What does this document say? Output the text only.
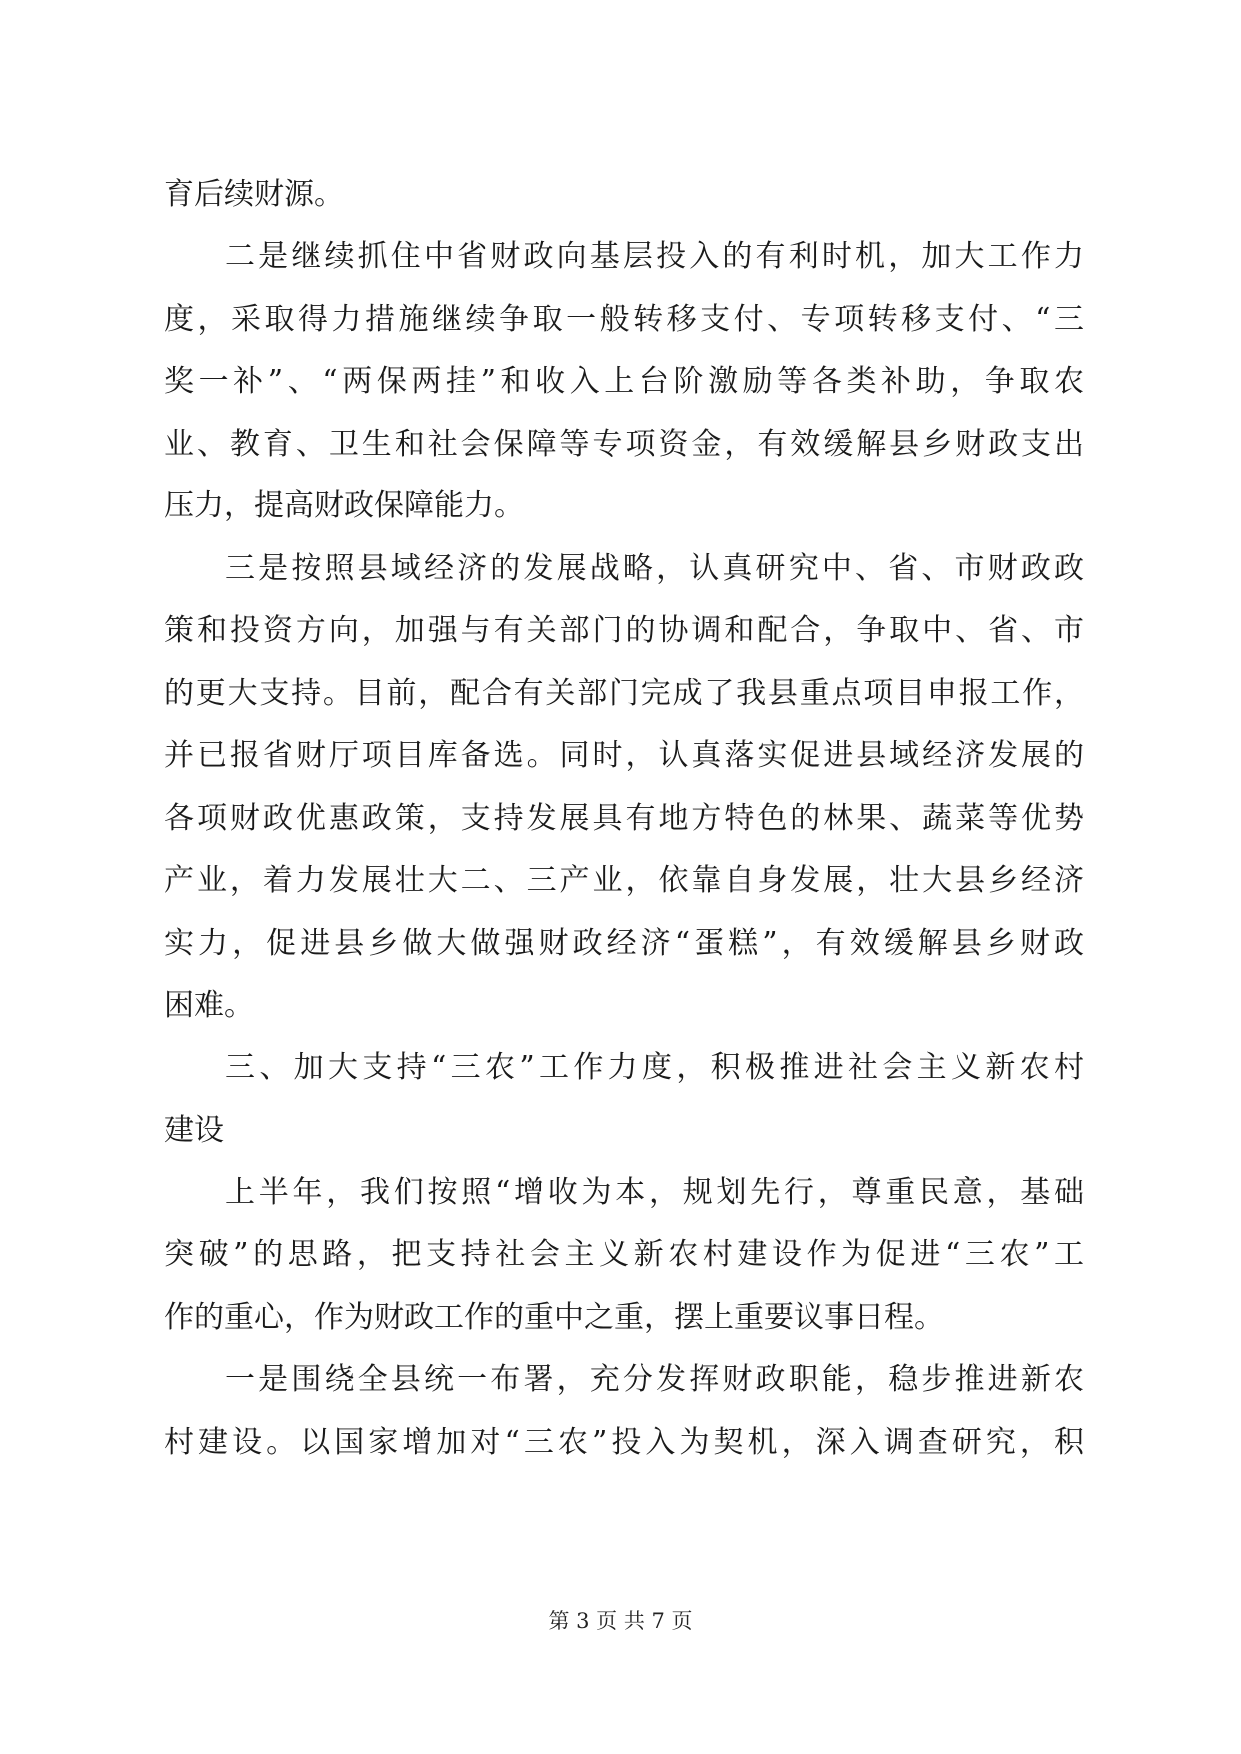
育后续财源。
二是继续抓住中省财政向基层投入的有利时机，加大工作力
度，采取得力措施继续争取一般转移支付、专项转移支付、“三
奖一补”、“两保两挂”和收入上台阶激励等各类补助，争取农
业、教育、卫生和社会保障等专项资金，有效缓解县乡财政支出
压力，提高财政保障能力。
三是按照县域经济的发展战略，认真研究中、省、市财政政
策和投资方向，加强与有关部门的协调和配合，争取中、省、市
的更大支持。目前，配合有关部门完成了我县重点项目申报工作，
并已报省财厅项目库备选。同时，认真落实促进县域经济发展的
各项财政优惠政策，支持发展具有地方特色的林果、蔬菜等优势
产业，着力发展壮大二、三产业，依靠自身发展，壮大县乡经济
实力，促进县乡做大做强财政经济“蛋糕”，有效缓解县乡财政
困难。
三、加大支持“三农”工作力度，积极推进社会主义新农村
建设
上半年，我们按照“增收为本，规划先行，尊重民意，基础
突破”的思路，把支持社会主义新农村建设作为促进“三农”工
作的重心，作为财政工作的重中之重，摆上重要议事日程。
一是围绕全县统一布署，充分发挥财政职能，稳步推进新农
村建设。以国家增加对“三农”投入为契机，深入调查研究，积
第 3 页 共 7 页
